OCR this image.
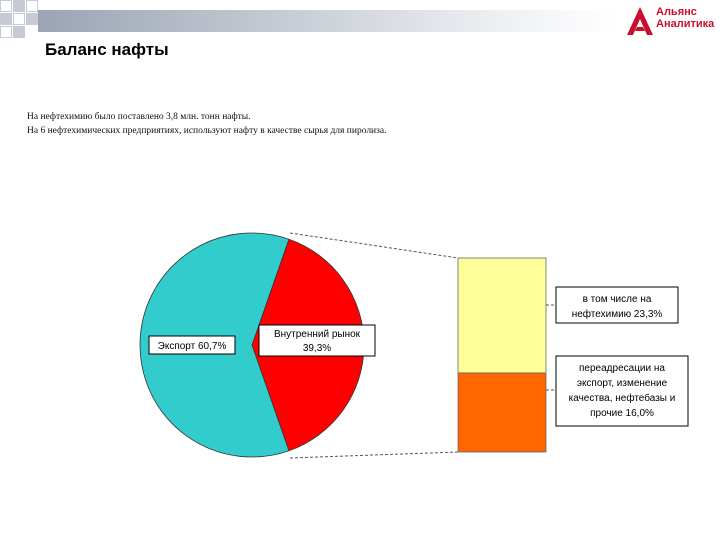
Альянс
Аналитика
Баланс нафты

На нефтехимию было поставлено 3,8 млн. тонн нафты.

На 6 нефтехимических предприятиях, используют нафту в качестве сырья для пиролиза.

Экспорт 60,7%
Внутренний рынок
39,3%
в том числе на
нефтехимию 23,3%
переадресации на
экспорт, изменение
качества, нефтебазы и
прочие 16,0%
